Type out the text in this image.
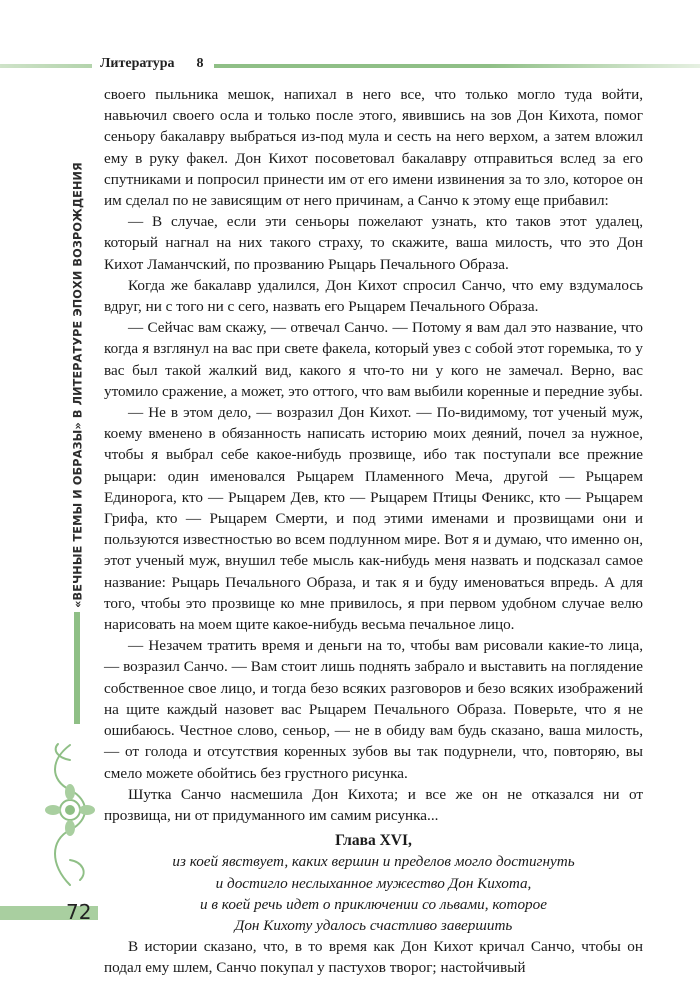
Литература 8
«ВЕЧНЫЕ ТЕМЫ И ОБРАЗЫ» В ЛИТЕРАТУРЕ ЭПОХИ ВОЗРОЖДЕНИЯ
72

своего пыльника мешок, напихал в него все, что только могло туда войти, навьючил своего осла и только после этого, явившись на зов Дон Кихота, помог сеньору бакалавру выбраться из-под мула и сесть на него верхом, а затем вложил ему в руку факел. Дон Кихот посоветовал бакалавру отправиться вслед за его спутниками и попросил принести им от его имени извинения за то зло, которое он им сделал по не зависящим от него причинам, а Санчо к этому еще прибавил:

— В случае, если эти сеньоры пожелают узнать, кто таков этот удалец, который нагнал на них такого страху, то скажите, ваша милость, что это Дон Кихот Ламанчский, по прозванию Рыцарь Печального Образа.

Когда же бакалавр удалился, Дон Кихот спросил Санчо, что ему вздумалось вдруг, ни с того ни с сего, назвать его Рыцарем Печального Образа.

— Сейчас вам скажу, — отвечал Санчо. — Потому я вам дал это название, что когда я взглянул на вас при свете факела, который увез с собой этот горемыка, то у вас был такой жалкий вид, какого я что-то ни у кого не замечал. Верно, вас утомило сражение, а может, это оттого, что вам выбили коренные и передние зубы.

— Не в этом дело, — возразил Дон Кихот. — По-видимому, тот ученый муж, коему вменено в обязанность написать историю моих деяний, почел за нужное, чтобы я выбрал себе какое-нибудь прозвище, ибо так поступали все прежние рыцари: один именовался Рыцарем Пламенного Меча, другой — Рыцарем Единорога, кто — Рыцарем Дев, кто — Рыцарем Птицы Феникс, кто — Рыцарем Грифа, кто — Рыцарем Смерти, и под этими именами и прозвищами они и пользуются известностью во всем подлунном мире. Вот я и думаю, что именно он, этот ученый муж, внушил тебе мысль как-нибудь меня назвать и подсказал самое название: Рыцарь Печального Образа, и так я и буду именоваться впредь. А для того, чтобы это прозвище ко мне привилось, я при первом удобном случае велю нарисовать на моем щите какое-нибудь весьма печальное лицо.

— Незачем тратить время и деньги на то, чтобы вам рисовали какие-то лица, — возразил Санчо. — Вам стоит лишь поднять забрало и выставить на поглядение собственное свое лицо, и тогда безо всяких разговоров и безо всяких изображений на щите каждый назовет вас Рыцарем Печального Образа. Поверьте, что я не ошибаюсь. Честное слово, сеньор, — не в обиду вам будь сказано, ваша милость, — от голода и отсутствия коренных зубов вы так подурнели, что, повторяю, вы смело можете обойтись без грустного рисунка.

Шутка Санчо насмешила Дон Кихота; и все же он не отказался ни от прозвища, ни от придуманного им самим рисунка...

Глава XVI,
из коей явствует, каких вершин и пределов могло достигнуть
и достигло неслыханное мужество Дон Кихота,
и в коей речь идет о приключении со львами, которое
Дон Кихоту удалось счастливо завершить

В истории сказано, что, в то время как Дон Кихот кричал Санчо, чтобы он подал ему шлем, Санчо покупал у пастухов творог; настойчивый
